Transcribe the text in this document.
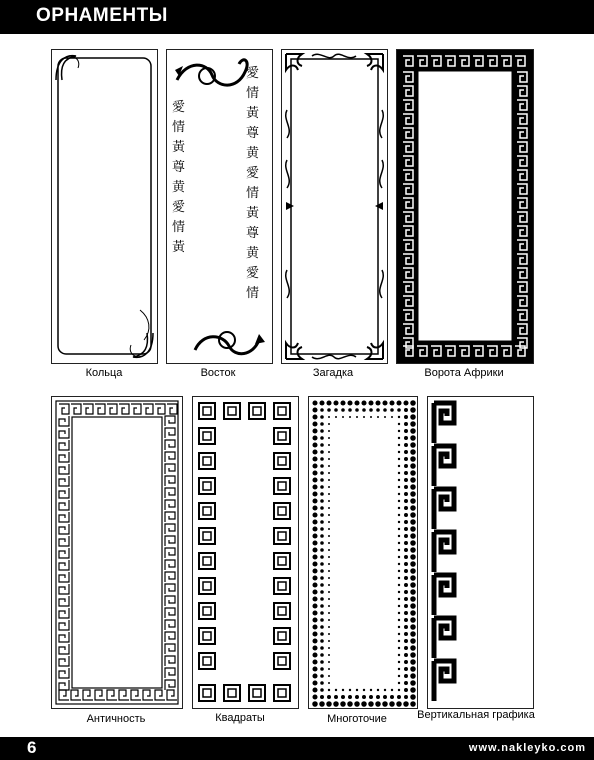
ОРНАМЕНТЫ
Кольца	Восток	Загадка	Ворота Африки
Античность	Квадраты	Многоточие	Вертикальная графика
愛
情
黃
尊
黄
愛
情
黃
愛
情
黃
尊
黄
愛
情
黃
尊
黄
愛
情
6	www.nakleyko.com
